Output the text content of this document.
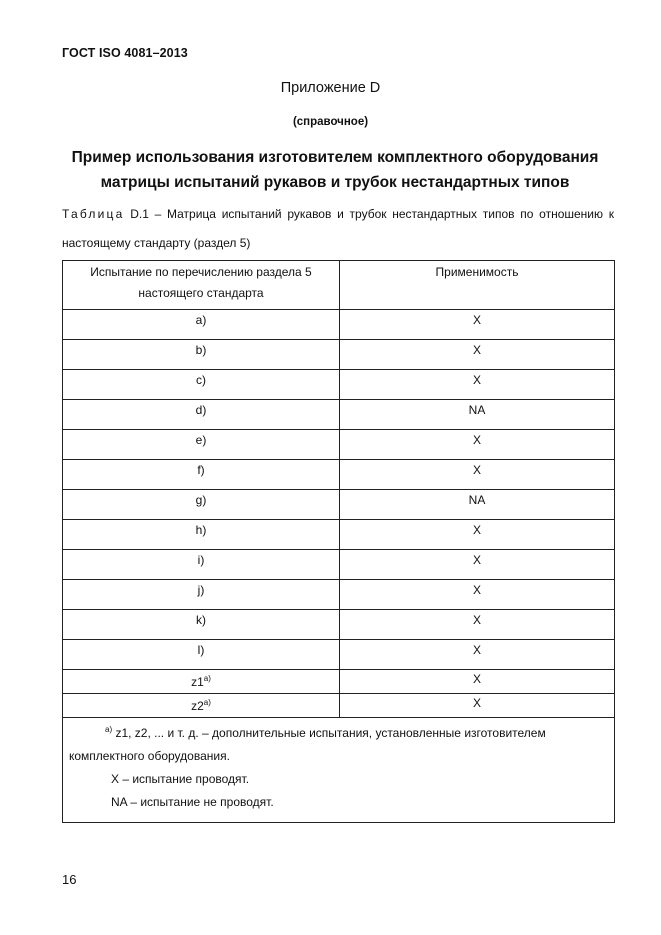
ГОСТ ISO 4081–2013
Приложение D
(справочное)
Пример использования изготовителем комплектного оборудования
матрицы испытаний рукавов и трубок нестандартных типов
Таблица D.1 – Матрица испытаний рукавов и трубок нестандартных типов по отношению к настоящему стандарту (раздел 5)
Испытание по перечислению раздела 5
настоящего стандарта	Применимость
a)	X
b)	X
c)	X
d)	NA
e)	X
f)	X
g)	NA
h)	X
i)	X
j)	X
k)	X
l)	X
z1$^{a)}$	X
z2$^{a)}$	X

$^{a)}$ z1, z2, ... и т. д. – дополнительные испытания, установленные изготовителем комплектного оборудования.
X – испытание проводят.
NA – испытание не проводят.	
16
